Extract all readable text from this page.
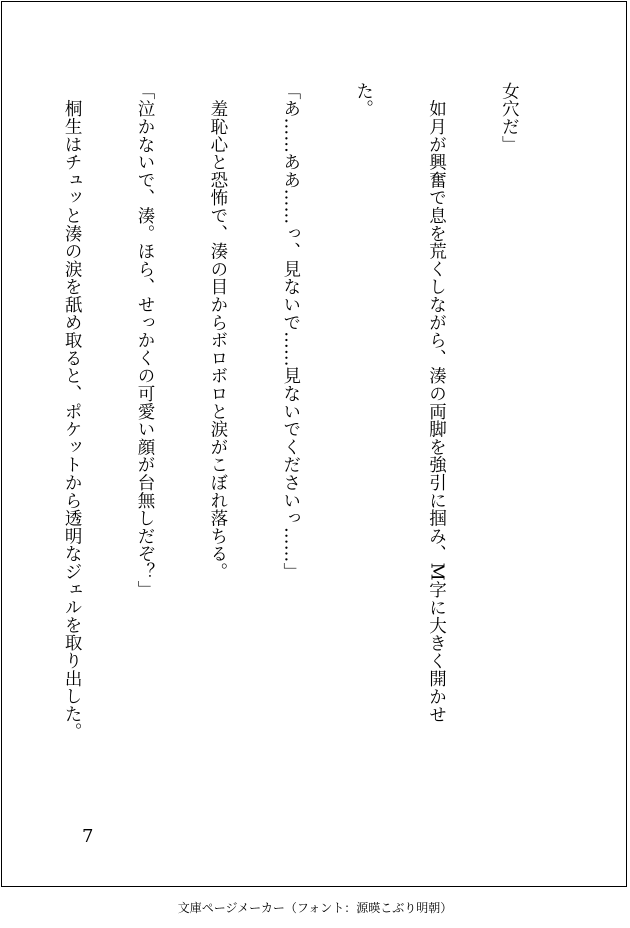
女穴だ」

　如月が興奮で息を荒くしながら、湊の両脚を強引に掴み、M字に大きく開かせ

た。

「あ……ああ……っ、見ないで……見ないでくださいっ……」

　羞恥心と恐怖で、湊の目からボロボロと涙がこぼれ落ちる。

「泣かないで、湊。ほら、せっかくの可愛い顔が台無しだぞ？」

　桐生はチュッと湊の涙を舐め取ると、ポケットから透明なジェルを取り出した。

7
文庫ページメーカー（フォント：源暎こぶり明朝）
